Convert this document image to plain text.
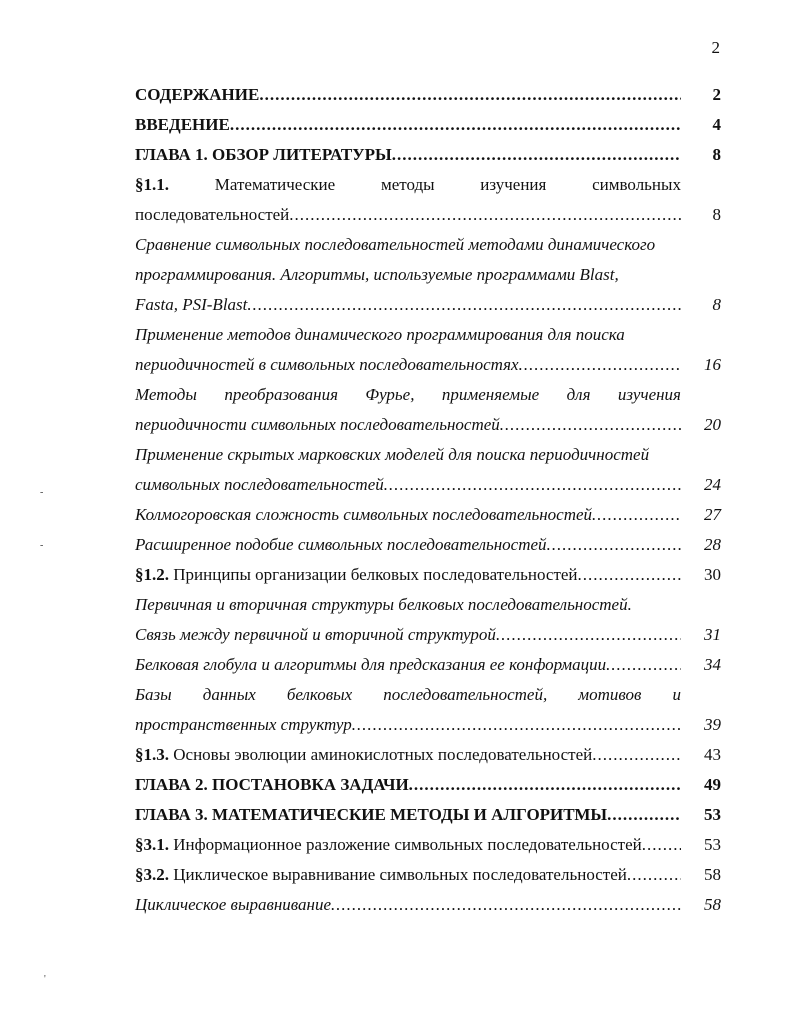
2
СОДЕРЖАНИЕ .....	2
ВВЕДЕНИЕ .....	4
ГЛАВА 1. ОБЗОР ЛИТЕРАТУРЫ .....	8
§1.1.	Математические	методы	изучения	символьных
последовательностей .....	8
Сравнение символьных последовательностей методами динамического
программирования. Алгоритмы, используемые программами Blast,
Fasta, PSI-Blast .....	8
Применение методов динамического программирования для поиска
периодичностей в символьных последовательностях .....	16
Методы преобразования Фурье, применяемые для изучения
периодичности символьных последовательностей .....	20
Применение скрытых марковских моделей для поиска периодичностей
символьных последовательностей .....	24
Колмогоровская сложность символьных последовательностей .....	27
Расширенное подобие символьных последовательностей .....	28
§1.2. Принципы организации белковых последовательностей .....	30
Первичная и вторичная структуры белковых последовательностей.
Связь между первичной и вторичной структурой .....	31
Белковая глобула и алгоритмы для предсказания ее конформации .....	34
Базы данных белковых последовательностей, мотивов и
пространственных структур .....	39
§1.3. Основы эволюции аминокислотных последовательностей .....	43
ГЛАВА 2. ПОСТАНОВКА ЗАДАЧИ .....	49
ГЛАВА 3. МАТЕМАТИЧЕСКИЕ МЕТОДЫ И АЛГОРИТМЫ .....	53
§3.1. Информационное разложение символьных последовательностей .....	53
§3.2. Циклическое выравнивание символьных последовательностей .....	58
Циклическое выравнивание .....	58
-
-
'
